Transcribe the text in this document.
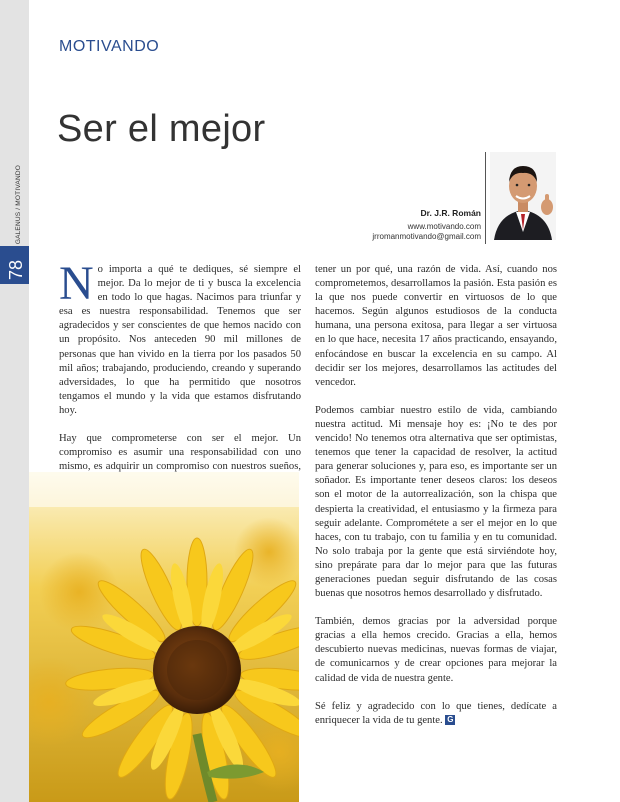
GALENUS / MOTIVANDO
78
MOTIVANDO
Ser el mejor
Dr. J.R. Román
www.motivando.com
jrromanmotivando@gmail.com

No importa a qué te dediques, sé siempre el mejor. Da lo mejor de ti y busca la excelencia en todo lo que hagas. Nacimos para triunfar y esa es nuestra responsabilidad. Tenemos que ser agradecidos y ser conscientes de que hemos nacido con un propósito. Nos anteceden 90 mil millones de personas que han vivido en la tierra por los pasados 50 mil años; trabajando, produciendo, creando y superando adversidades, lo que ha permitido que nosotros tengamos el mundo y la vida que estamos disfrutando hoy.

Hay que comprometerse con ser el mejor. Un compromiso es asumir una responsabilidad con uno mismo, es adquirir un compromiso con nuestros sueños,

tener un por qué, una razón de vida. Así, cuando nos comprometemos, desarrollamos la pasión. Esta pasión es la que nos puede convertir en virtuosos de lo que hacemos. Según algunos estudiosos de la conducta humana, una persona exitosa, para llegar a ser virtuosa en lo que hace, necesita 17 años practicando, ensayando, enfocándose en buscar la excelencia en su campo. Al decidir ser los mejores, desarrollamos las actitudes del vencedor.

Podemos cambiar nuestro estilo de vida, cambiando nuestra actitud. Mi mensaje hoy es: ¡No te des por vencido! No tenemos otra alternativa que ser optimistas, tenemos que tener la capacidad de resolver, la actitud para generar soluciones y, para eso, es importante ser un soñador. Es importante tener deseos claros: los deseos son el motor de la autorrealización, son la chispa que despierta la creatividad, el entusiasmo y la firmeza para seguir adelante. Comprométete a ser el mejor en lo que haces, con tu trabajo, con tu familia y en tu comunidad. No solo trabaja por la gente que está sirviéndote hoy, sino prepárate para dar lo mejor para que las futuras generaciones puedan seguir disfrutando de las cosas buenas que nosotros hemos desarrollado y disfrutado.

También, demos gracias por la adversidad porque gracias a ella hemos crecido. Gracias a ella, hemos descubierto nuevas medicinas, nuevas formas de viajar, de comunicarnos y de crear opciones para mejorar la calidad de vida de nuestra gente.

Sé feliz y agradecido con lo que tienes, dedícate a enriquecer la vida de tu gente. G
